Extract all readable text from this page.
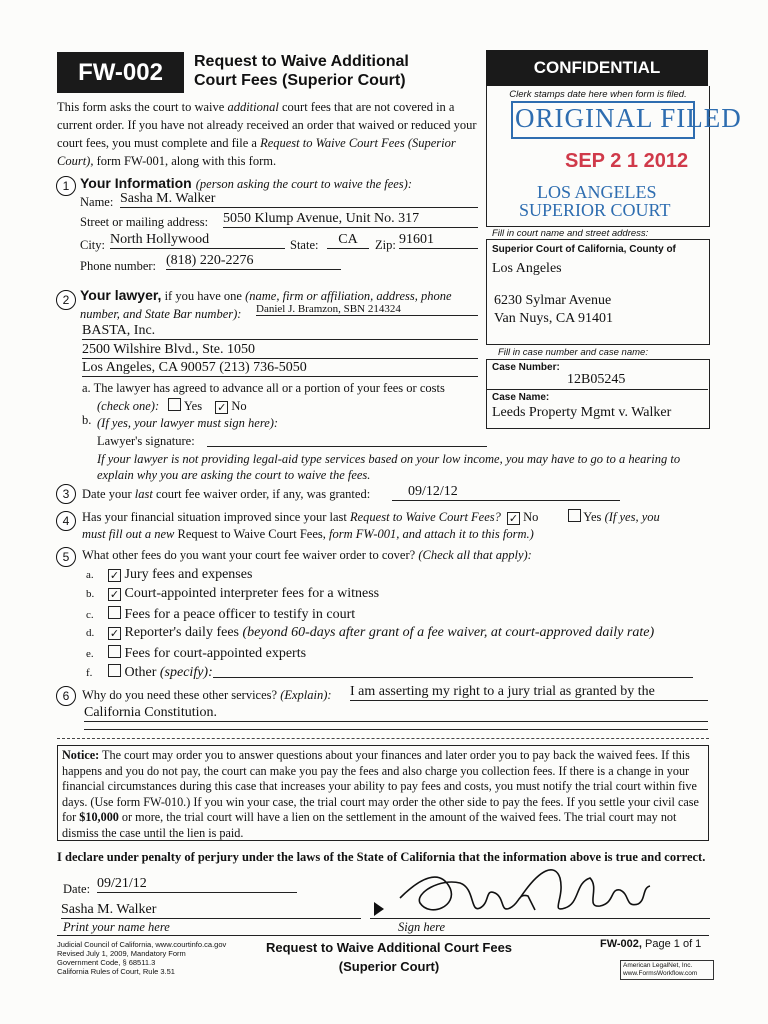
FW-002	Request to Waive Additional
Court Fees (Superior Court)
CONFIDENTIAL
Clerk stamps date here when form is filed.
ORIGINAL FILED
SEP 2 1 2012
LOS ANGELES
SUPERIOR COURT
This form asks the court to waive additional court fees that are not covered in a current order. If you have not already received an order that waived or reduced your court fees, you must complete and file a Request to Waive Court Fees (Superior Court), form FW-001, along with this form.
1 Your Information (person asking the court to waive the fees):
Name: Sasha M. Walker
Street or mailing address: 5050 Klump Avenue, Unit No. 317
City: North Hollywood	State:	CA	Zip: 91601
Phone number: (818) 220-2276
Fill in court name and street address:
Superior Court of California, County of
Los Angeles
6230 Sylmar Avenue
Van Nuys, CA 91401
Fill in case number and case name:
Case Number:
12B05245
Case Name:
Leeds Property Mgmt v. Walker
2 Your lawyer, if you have one (name, firm or affiliation, address, phone number, and State Bar number):	Daniel J. Bramzon, SBN 214324
BASTA, Inc.
2500 Wilshire Blvd., Ste. 1050
Los Angeles, CA 90057 (213) 736-5050
a. The lawyer has agreed to advance all or a portion of your fees or costs
(check one): Yes ✓ No
b. (If yes, your lawyer must sign here):
Lawyer's signature:
If your lawyer is not providing legal-aid type services based on your low income, you may have to go to a hearing to explain why you are asking the court to waive the fees.
3	Date your last court fee waiver order, if any, was granted:	09/12/12
4	Has your financial situation improved since your last Request to Waive Court Fees? ✓ No	Yes (If yes, you
must fill out a new Request to Waive Court Fees, form FW-001, and attach it to this form.)
5	What other fees do you want your court fee waiver order to cover? (Check all that apply):
a. ✓ Jury fees and expenses
b. ✓ Court-appointed interpreter fees for a witness
c. Fees for a peace officer to testify in court
d. ✓ Reporter's daily fees (beyond 60-days after grant of a fee waiver, at court-approved daily rate)
e. Fees for court-appointed experts
f. Other (specify):
6	Why do you need these other services? (Explain): I am asserting my right to a jury trial as granted by the
California Constitution.
Notice: The court may order you to answer questions about your finances and later order you to pay back the waived fees. If this happens and you do not pay, the court can make you pay the fees and also charge you collection fees. If there is a change in your financial circumstances during this case that increases your ability to pay fees and costs, you must notify the trial court within five days. (Use form FW-010.) If you win your case, the trial court may order the other side to pay the fees. If you settle your civil case for $10,000 or more, the trial court will have a lien on the settlement in the amount of the waived fees. The trial court may not dismiss the case until the lien is paid.
I declare under penalty of perjury under the laws of the State of California that the information above is true and correct.
Date: 09/21/12
Sasha M. Walker
Print your name here	Sign here
Judicial Council of California, www.courtinfo.ca.gov
Revised July 1, 2009, Mandatory Form
Government Code, § 68511.3
California Rules of Court, Rule 3.51
Request to Waive Additional Court Fees
(Superior Court)
FW-002, Page 1 of 1
American LegalNet, Inc.
www.FormsWorkflow.com
